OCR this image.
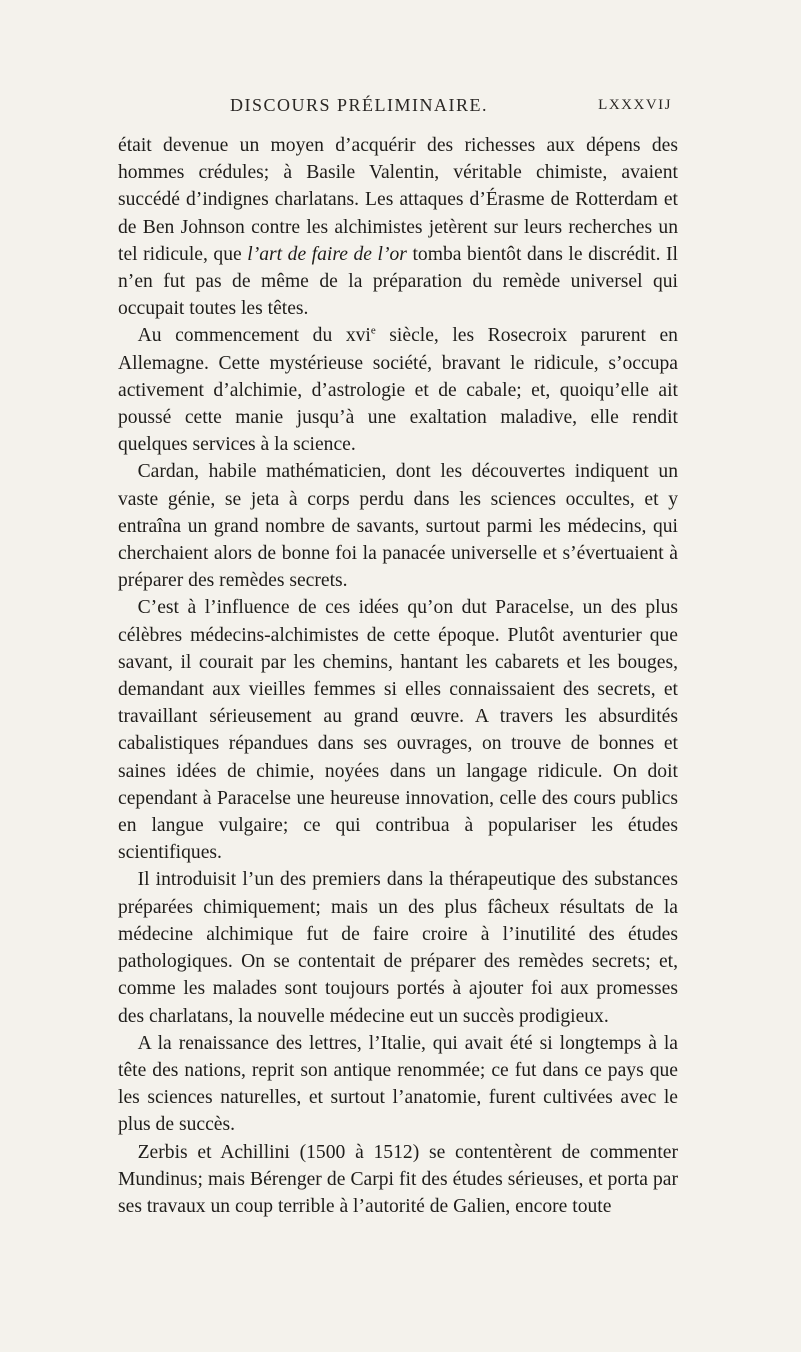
DISCOURS PRÉLIMINAIRE.	LXXXVIJ

était devenue un moyen d’acquérir des richesses aux dépens des hommes crédules; à Basile Valentin, véritable chimiste, avaient succédé d’indignes charlatans. Les attaques d’Érasme de Rotterdam et de Ben Johnson contre les alchimistes jetèrent sur leurs recherches un tel ridicule, que l’art de faire de l’or tomba bientôt dans le discrédit. Il n’en fut pas de même de la préparation du remède universel qui occupait toutes les têtes.

Au commencement du xvi$^e$ siècle, les Rosecroix parurent en Allemagne. Cette mystérieuse société, bravant le ridicule, s’occupa activement d’alchimie, d’astrologie et de cabale; et, quoiqu’elle ait poussé cette manie jusqu’à une exaltation maladive, elle rendit quelques services à la science.

Cardan, habile mathématicien, dont les découvertes indiquent un vaste génie, se jeta à corps perdu dans les sciences occultes, et y entraîna un grand nombre de savants, surtout parmi les médecins, qui cherchaient alors de bonne foi la panacée universelle et s’évertuaient à préparer des remèdes secrets.

C’est à l’influence de ces idées qu’on dut Paracelse, un des plus célèbres médecins-alchimistes de cette époque. Plutôt aventurier que savant, il courait par les chemins, hantant les cabarets et les bouges, demandant aux vieilles femmes si elles connaissaient des secrets, et travaillant sérieusement au grand œuvre. A travers les absurdités cabalistiques répandues dans ses ouvrages, on trouve de bonnes et saines idées de chimie, noyées dans un langage ridicule. On doit cependant à Paracelse une heureuse innovation, celle des cours publics en langue vulgaire; ce qui contribua à populariser les études scientifiques.

Il introduisit l’un des premiers dans la thérapeutique des substances préparées chimiquement; mais un des plus fâcheux résultats de la médecine alchimique fut de faire croire à l’inutilité des études pathologiques. On se contentait de préparer des remèdes secrets; et, comme les malades sont toujours portés à ajouter foi aux promesses des charlatans, la nouvelle médecine eut un succès prodigieux.

A la renaissance des lettres, l’Italie, qui avait été si longtemps à la tête des nations, reprit son antique renommée; ce fut dans ce pays que les sciences naturelles, et surtout l’anatomie, furent cultivées avec le plus de succès.

Zerbis et Achillini (1500 à 1512) se contentèrent de commenter Mundinus; mais Bérenger de Carpi fit des études sérieuses, et porta par ses travaux un coup terrible à l’autorité de Galien, encore toute
